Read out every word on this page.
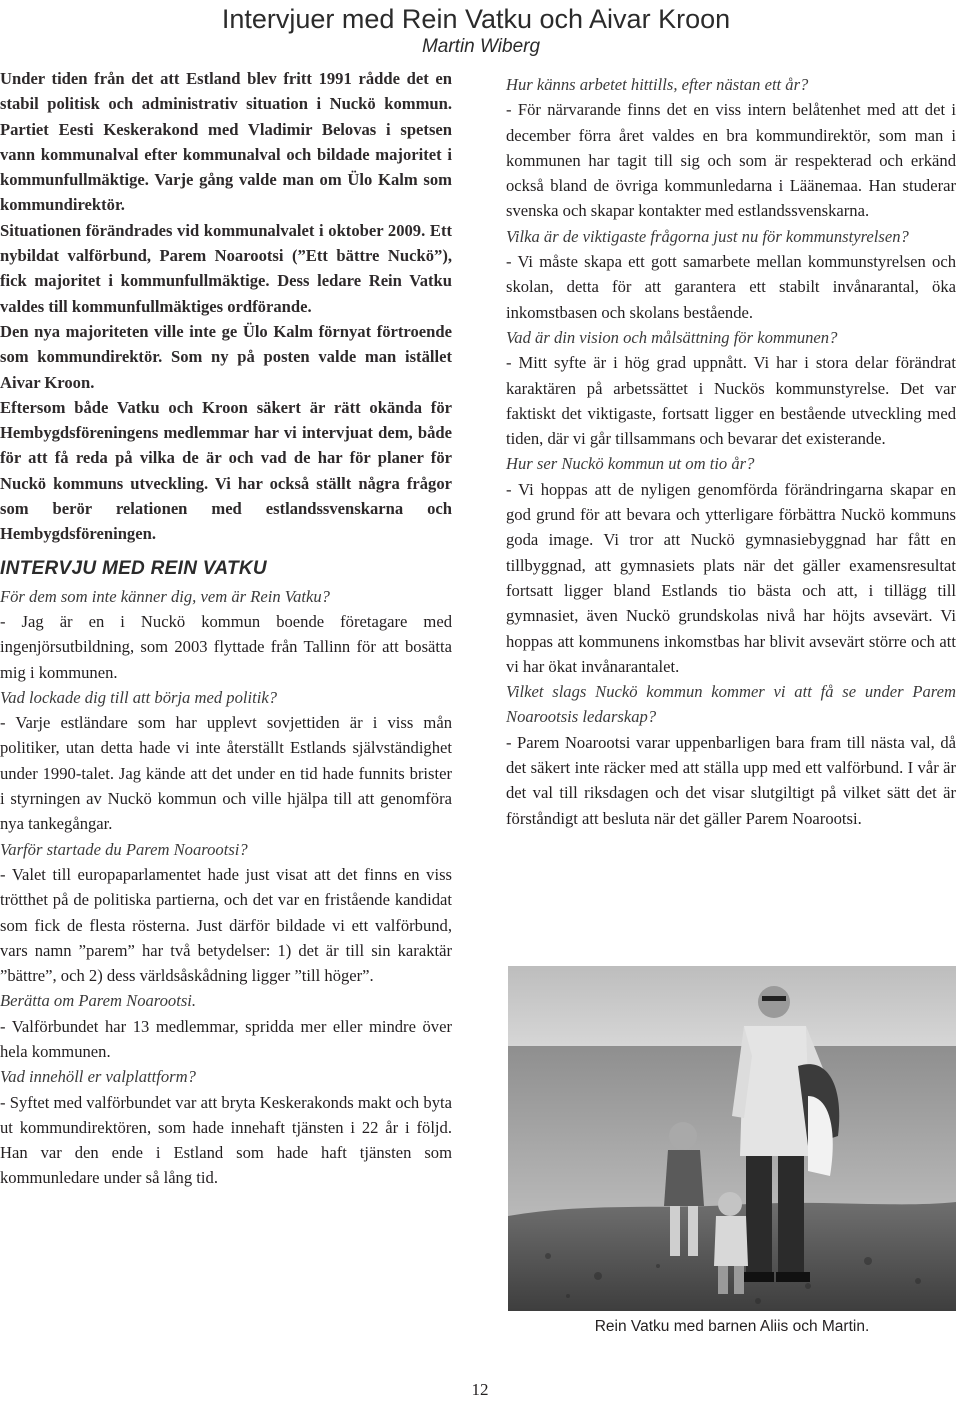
Intervjuer med Rein Vatku och Aivar Kroon
Martin Wiberg

Under tiden från det att Estland blev fritt 1991 rådde det en stabil politisk och administrativ situation i Nuckö kommun. Partiet Eesti Keskerakond med Vladimir Belovas i spetsen vann kommunalval efter kommunalval och bildade majoritet i kommunfullmäktige. Varje gång valde man om Ülo Kalm som kommundirektör.

Situationen förändrades vid kommunalvalet i oktober 2009. Ett nybildat valförbund, Parem Noarootsi (”Ett bättre Nuckö”), fick majoritet i kommunfullmäktige. Dess ledare Rein Vatku valdes till kommunfullmäktiges ordförande.

Den nya majoriteten ville inte ge Ülo Kalm förnyat förtroende som kommundirektör. Som ny på posten valde man istället Aivar Kroon.

Eftersom både Vatku och Kroon säkert är rätt okända för Hembygdsföreningens medlemmar har vi intervjuat dem, både för att få reda på vilka de är och vad de har för planer för Nuckö kommuns utveckling. Vi har också ställt några frågor som berör relationen med estlandssvenskarna och Hembygdsföreningen.

INTERVJU MED REIN VATKU

För dem som inte känner dig, vem är Rein Vatku?

- Jag är en i Nuckö kommun boende företagare med ingenjörsutbildning, som 2003 flyttade från Tallinn för att bosätta mig i kommunen.

Vad lockade dig till att börja med politik?

- Varje estländare som har upplevt sovjettiden är i viss mån politiker, utan detta hade vi inte återställt Estlands självständighet under 1990-talet. Jag kände att det under en tid hade funnits brister i styrningen av Nuckö kommun och ville hjälpa till att genomföra nya tankegångar.

Varför startade du Parem Noarootsi?

- Valet till europaparlamentet hade just visat att det finns en viss trötthet på de politiska partierna, och det var en fristående kandidat som fick de flesta rösterna. Just därför bildade vi ett valförbund, vars namn ”parem” har två betydelser: 1) det är till sin karaktär ”bättre”, och 2) dess världsåskådning ligger ”till höger”.

Berätta om Parem Noarootsi.

- Valförbundet har 13 medlemmar, spridda mer eller mindre över hela kommunen.

Vad innehöll er valplattform?

- Syftet med valförbundet var att bryta Keskerakonds makt och byta ut kommundirektören, som hade innehaft tjänsten i 22 år i följd. Han var den ende i Estland som hade haft tjänsten som kommunledare under så lång tid.

Hur känns arbetet hittills, efter nästan ett år?

- För närvarande finns det en viss intern belåtenhet med att det i december förra året valdes en bra kommundirektör, som man i kommunen har tagit till sig och som är respekterad och erkänd också bland de övriga kommunledarna i Läänemaa. Han studerar svenska och skapar kontakter med estlandssvenskarna.

Vilka är de viktigaste frågorna just nu för kommunstyrelsen?

- Vi måste skapa ett gott samarbete mellan kommunstyrelsen och skolan, detta för att garantera ett stabilt invånarantal, öka inkomstbasen och skolans bestående.

Vad är din vision och målsättning för kommunen?

- Mitt syfte är i hög grad uppnått. Vi har i stora delar förändrat karaktären på arbetssättet i Nuckös kommunstyrelse. Det var faktiskt det viktigaste, fortsatt ligger en bestående utveckling med tiden, där vi går tillsammans och bevarar det existerande.

Hur ser Nuckö kommun ut om tio år?

- Vi hoppas att de nyligen genomförda förändringarna skapar en god grund för att bevara och ytterligare förbättra Nuckö kommuns goda image. Vi tror att Nuckö gymnasiebyggnad har fått en tillbyggnad, att gymnasiets plats när det gäller examensresultat fortsatt ligger bland Estlands tio bästa och att, i tillägg till gymnasiet, även Nuckö grundskolas nivå har höjts avsevärt. Vi hoppas att kommunens inkomstbas har blivit avsevärt större och att vi har ökat invånarantalet.

Vilket slags Nuckö kommun kommer vi att få se under Parem Noarootsis ledarskap?

- Parem Noarootsi varar uppenbarligen bara fram till nästa val, då det säkert inte räcker med att ställa upp med ett valförbund. I vår är det val till riksdagen och det visar slutgiltigt på vilket sätt det är förståndigt att besluta när det gäller Parem Noarootsi.

Rein Vatku med barnen Aliis och Martin.
12
